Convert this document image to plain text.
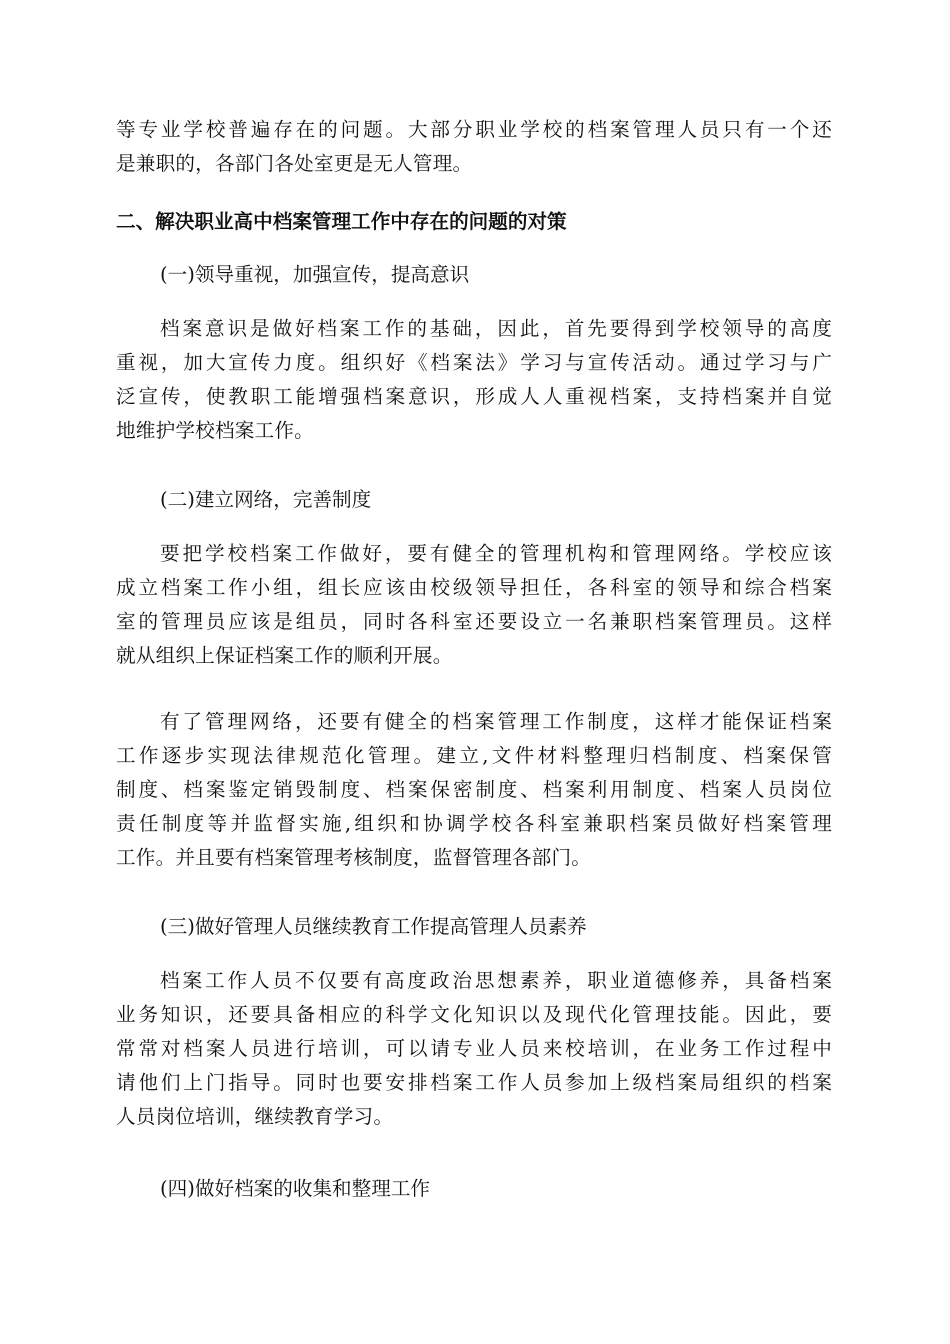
等专业学校普遍存在的问题。大部分职业学校的档案管理人员只有一个还
是兼职的，各部门各处室更是无人管理。
二、解决职业高中档案管理工作中存在的问题的对策
(一)领导重视，加强宣传，提高意识
档案意识是做好档案工作的基础，因此，首先要得到学校领导的高度
重视，加大宣传力度。组织好《档案法》学习与宣传活动。通过学习与广
泛宣传，使教职工能增强档案意识，形成人人重视档案，支持档案并自觉
地维护学校档案工作。
(二)建立网络，完善制度
要把学校档案工作做好，要有健全的管理机构和管理网络。学校应该
成立档案工作小组，组长应该由校级领导担任，各科室的领导和综合档案
室的管理员应该是组员，同时各科室还要设立一名兼职档案管理员。这样
就从组织上保证档案工作的顺利开展。
有了管理网络，还要有健全的档案管理工作制度，这样才能保证档案
工作逐步实现法律规范化管理。建立,文件材料整理归档制度、档案保管
制度、档案鉴定销毁制度、档案保密制度、档案利用制度、档案人员岗位
责任制度等并监督实施,组织和协调学校各科室兼职档案员做好档案管理
工作。并且要有档案管理考核制度，监督管理各部门。
(三)做好管理人员继续教育工作提高管理人员素养
档案工作人员不仅要有高度政治思想素养，职业道德修养，具备档案
业务知识，还要具备相应的科学文化知识以及现代化管理技能。因此，要
常常对档案人员进行培训，可以请专业人员来校培训，在业务工作过程中
请他们上门指导。同时也要安排档案工作人员参加上级档案局组织的档案
人员岗位培训，继续教育学习。
(四)做好档案的收集和整理工作
